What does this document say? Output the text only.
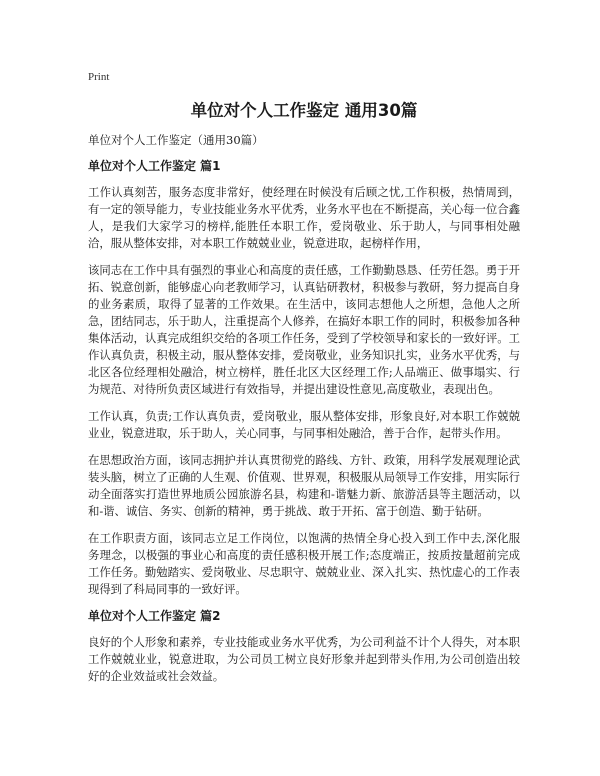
Print
单位对个人工作鉴定 通用30篇
单位对个人工作鉴定（通用30篇）
单位对个人工作鉴定 篇1

工作认真刻苦，服务态度非常好，使经理在时候没有后顾之忧,工作积极，热情周到，有一定的领导能力，专业技能业务水平优秀，业务水平也在不断提高，关心每一位合鑫人，是我们大家学习的榜样,能胜任本职工作，爱岗敬业、乐于助人，与同事相处融洽，服从整体安排，对本职工作兢兢业业，锐意进取，起榜样作用，

该同志在工作中具有强烈的事业心和高度的责任感，工作勤勤恳恳、任劳任怨。勇于开拓、锐意创新，能够虚心向老教师学习，认真钻研教材，积极参与教研，努力提高自身的业务素质，取得了显著的工作效果。在生活中，该同志想他人之所想，急他人之所急，团结同志，乐于助人，注重提高个人修养，在搞好本职工作的同时，积极参加各种集体活动，认真完成组织交给的各项工作任务，受到了学校领导和家长的一致好评。工作认真负责，积极主动，服从整体安排，爱岗敬业，业务知识扎实，业务水平优秀，与北区各位经理相处融洽，树立榜样，胜任北区大区经理工作;人品端正、做事塌实、行为规范、对待所负责区域进行有效指导，并提出建设性意见,高度敬业，表现出色。

工作认真，负责;工作认真负责，爱岗敬业，服从整体安排，形象良好,对本职工作兢兢业业，锐意进取，乐于助人，关心同事，与同事相处融洽，善于合作，起带头作用。

在思想政治方面，该同志拥护并认真贯彻党的路线、方针、政策，用科学发展观理论武装头脑，树立了正确的人生观、价值观、世界观，积极服从局领导工作安排，用实际行动全面落实打造世界地质公园旅游名县，构建和-谐魅力新、旅游活县等主题活动，以和-谐、诚信、务实、创新的精神，勇于挑战、敢于开拓、富于创造、勤于钻研。

在工作职责方面，该同志立足工作岗位，以饱满的热情全身心投入到工作中去,深化服务理念，以极强的事业心和高度的责任感积极开展工作;态度端正，按质按量超前完成工作任务。勤勉踏实、爱岗敬业、尽忠职守、兢兢业业、深入扎实、热忱虚心的工作表现得到了科局同事的一致好评。

单位对个人工作鉴定 篇2

良好的个人形象和素养，专业技能或业务水平优秀，为公司利益不计个人得失，对本职工作兢兢业业，锐意进取，为公司员工树立良好形象并起到带头作用,为公司创造出较好的企业效益或社会效益。
